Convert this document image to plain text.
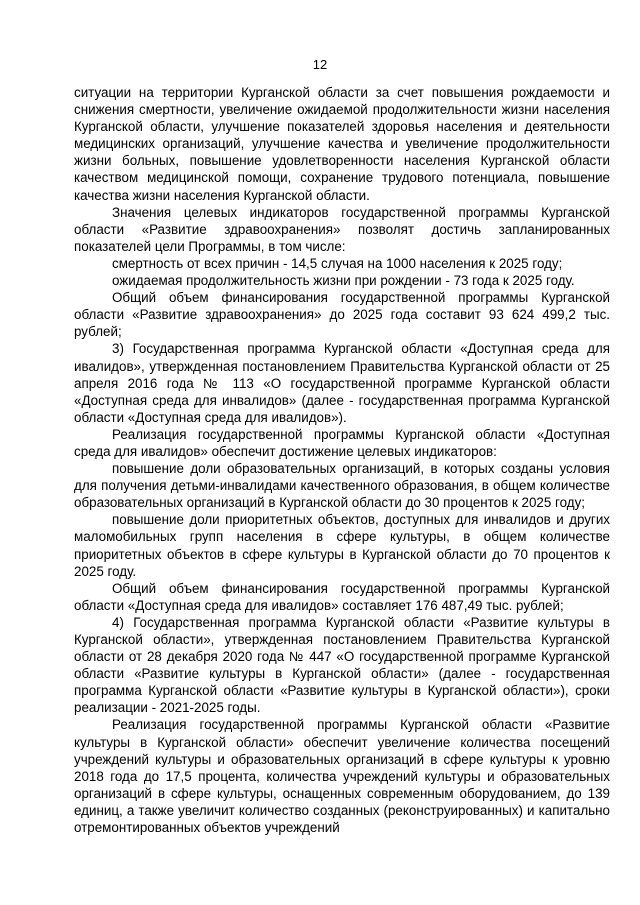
12

ситуации на территории Курганской области за счет повышения рождаемости и снижения смертности, увеличение ожидаемой продолжительности жизни населения Курганской области, улучшение показателей здоровья населения и деятельности медицинских организаций, улучшение качества и увеличение продолжительности жизни больных, повышение удовлетворенности населения Курганской области качеством медицинской помощи, сохранение трудового потенциала, повышение качества жизни населения Курганской области.

Значения целевых индикаторов государственной программы Курганской области «Развитие здравоохранения» позволят достичь запланированных показателей цели Программы, в том числе:

смертность от всех причин - 14,5 случая на 1000 населения к 2025 году;

ожидаемая продолжительность жизни при рождении - 73 года к 2025 году.

Общий объем финансирования государственной программы Курганской области «Развитие здравоохранения» до 2025 года составит 93 624 499,2 тыс. рублей;

3) Государственная программа Курганской области «Доступная среда для ивалидов», утвержденная постановлением Правительства Курганской области от 25 апреля 2016 года № 113 «О государственной программе Курганской области «Доступная среда для инвалидов» (далее - государственная программа Курганской области «Доступная среда для ивалидов»).

Реализация государственной программы Курганской области «Доступная среда для ивалидов» обеспечит достижение целевых индикаторов:

повышение доли образовательных организаций, в которых созданы условия для получения детьми-инвалидами качественного образования, в общем количестве образовательных организаций в Курганской области до 30 процентов к 2025 году;

повышение доли приоритетных объектов, доступных для инвалидов и других маломобильных групп населения в сфере культуры, в общем количестве приоритетных объектов в сфере культуры в Курганской области до 70 процентов к 2025 году.

Общий объем финансирования государственной программы Курганской области «Доступная среда для ивалидов» составляет 176 487,49 тыс. рублей;

4) Государственная программа Курганской области «Развитие культуры в Курганской области», утвержденная постановлением Правительства Курганской области от 28 декабря 2020 года № 447 «О государственной программе Курганской области «Развитие культуры в Курганской области» (далее - государственная программа Курганской области «Развитие культуры в Курганской области»), сроки реализации - 2021-2025 годы.

Реализация государственной программы Курганской области «Развитие культуры в Курганской области» обеспечит увеличение количества посещений учреждений культуры и образовательных организаций в сфере культуры к уровню 2018 года до 17,5 процента, количества учреждений культуры и образовательных организаций в сфере культуры, оснащенных современным оборудованием, до 139 единиц, а также увеличит количество созданных (реконструированных) и капитально отремонтированных объектов учреждений
